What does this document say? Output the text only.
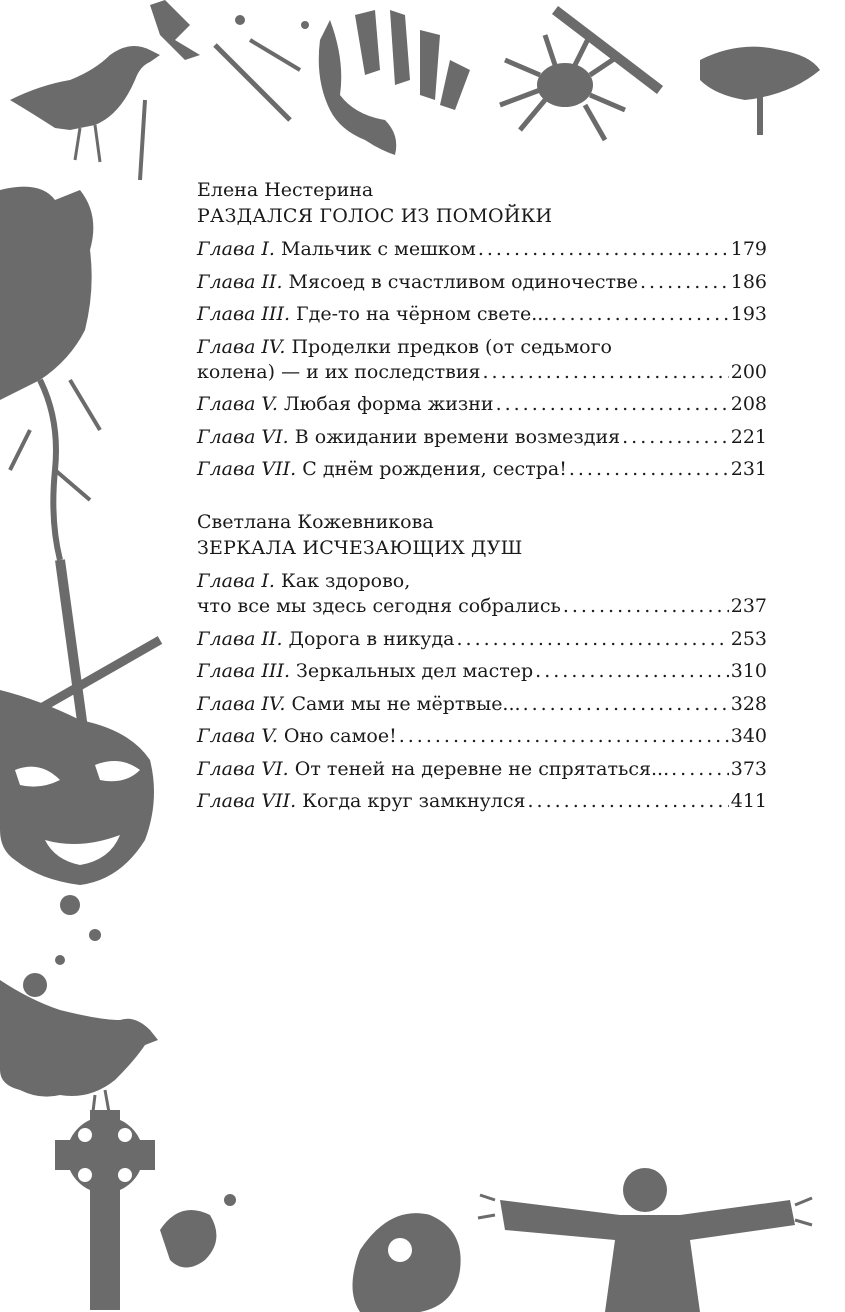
Елена Нестерина
РАЗДАЛСЯ ГОЛОС ИЗ ПОМОЙКИ
Глава I. Мальчик с мешком .....	179
Глава II. Мясоед в счастливом одиночестве .....	186
Глава III. Где-то на чёрном свете... .....	193
Глава IV. Проделки предков (от седьмого
колена) — и их последствия .....	200
Глава V. Любая форма жизни .....	208
Глава VI. В ожидании времени возмездия .....	221
Глава VII. С днём рождения, сестра! .....	231
Светлана Кожевникова
ЗЕРКАЛА ИСЧЕЗАЮЩИХ ДУШ
Глава I. Как здорово,
что все мы здесь сегодня собрались .....	237
Глава II. Дорога в никуда .....	253
Глава III. Зеркальных дел мастер .....	310
Глава IV. Сами мы не мёртвые... .....	328
Глава V. Оно самое! .....	340
Глава VI. От теней на деревне не спрятаться... .....	373
Глава VII. Когда круг замкнулся .....	411
